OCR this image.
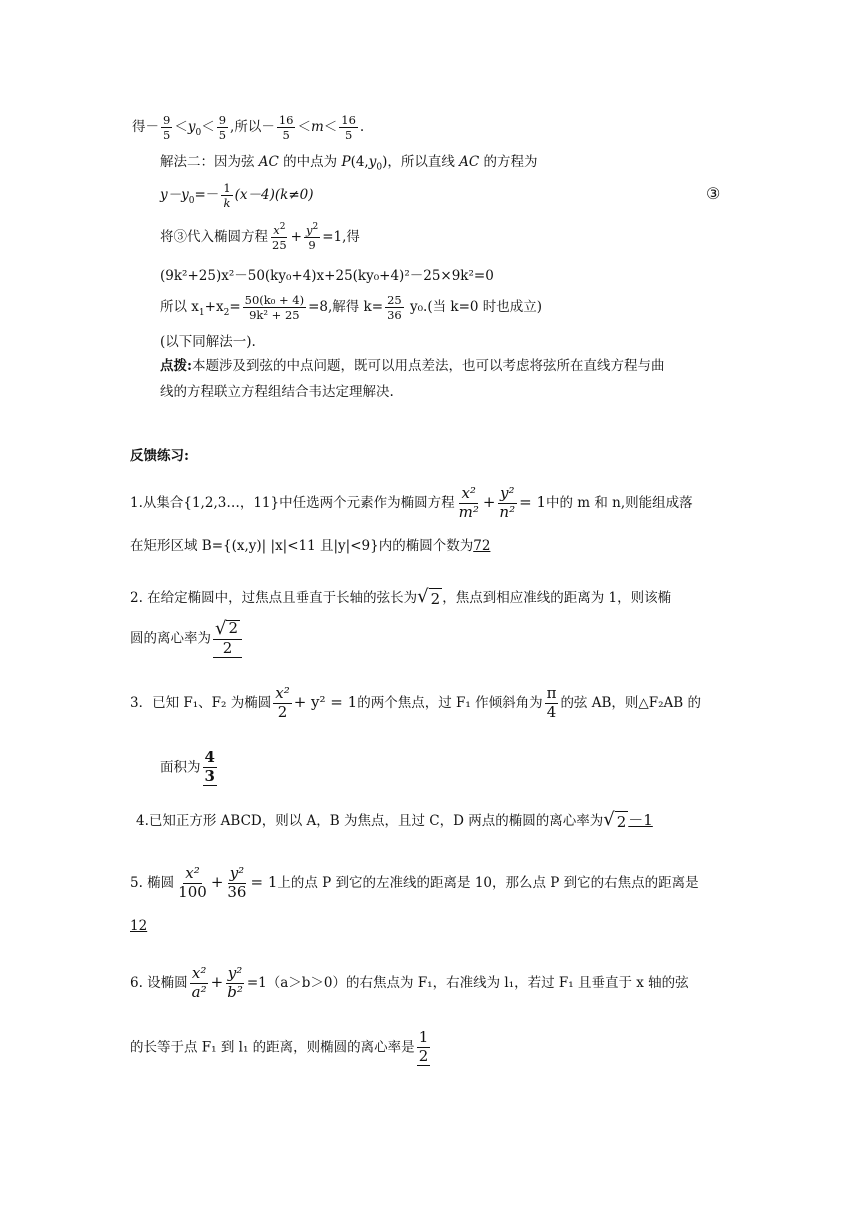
得－ $\frac{9}{5} <y_0< \frac{9}{5}$ ,所以－ $\frac{16}{5} <m< \frac{16}{5}$ .
解法二：因为弦 AC 的中点为 $P(4,y_0)$，所以直线 AC 的方程为
$y-y_0=- \frac{1}{k} (x-4)(k\ne 0)$	③
将③代入椭圆方程 $\frac{x^2}{25} + \frac{y^2}{9} =1$,得
(9k²+25)x²－50(ky₀+4)x+25(ky₀+4)²－25×9k²=0
所以 $x_1+x_2= \frac{\text{50(k₀ + 4)}}{\text{9k² + 25}} =8$,解得 $k= \frac{25}{36} y_0$.(当 k=0 时也成立)
(以下同解法一).
点拨:本题涉及到弦的中点问题，既可以用点差法，也可以考虑将弦所在直线方程与曲
线的方程联立方程组结合韦达定理解决.
反馈练习:
1.从集合{1,2,3…，11}中任选两个元素作为椭圆方程 $\frac{\text{x²}}{\text{m²}} + \frac{\text{y²}}{\text{n²}} = 1$中的 m 和 n,则能组成落
在矩形区域 B={(x,y)| |x|<11 且|y|<9}内的椭圆个数为72
2. 在给定椭圆中，过焦点且垂直于长轴的弦长为 √ 2 ，焦点到相应准线的距离为 1，则该椭
圆的离心率为 $\frac{√ 2}{2}$
3．已知 F₁、F₂ 为椭圆 $\frac{\text{x²}}{2} + y^2 = 1$的两个焦点，过 F₁ 作倾斜角为 $\frac{\pi}{4}$ 的弦 AB，则△F₂AB 的
面积为 $\frac{4}{3}$
4.已知正方形 ABCD，则以 A，B 为焦点，且过 C，D 两点的椭圆的离心率为 √ 2 －1
5. 椭圆 $\frac{\text{x²}}{100} + \frac{\text{y²}}{36} = 1$上的点 P 到它的左准线的距离是 10，那么点 P 到它的右焦点的距离是
12
6. 设椭圆 $\frac{\text{x²}}{\text{a²}} + \frac{\text{y²}}{\text{b²}} =1(a>b>0)$的右焦点为 F₁，右准线为 l₁，若过 F₁ 且垂直于 x 轴的弦
的长等于点 F₁ 到 l₁ 的距离，则椭圆的离心率是 $\frac{1}{2}$
